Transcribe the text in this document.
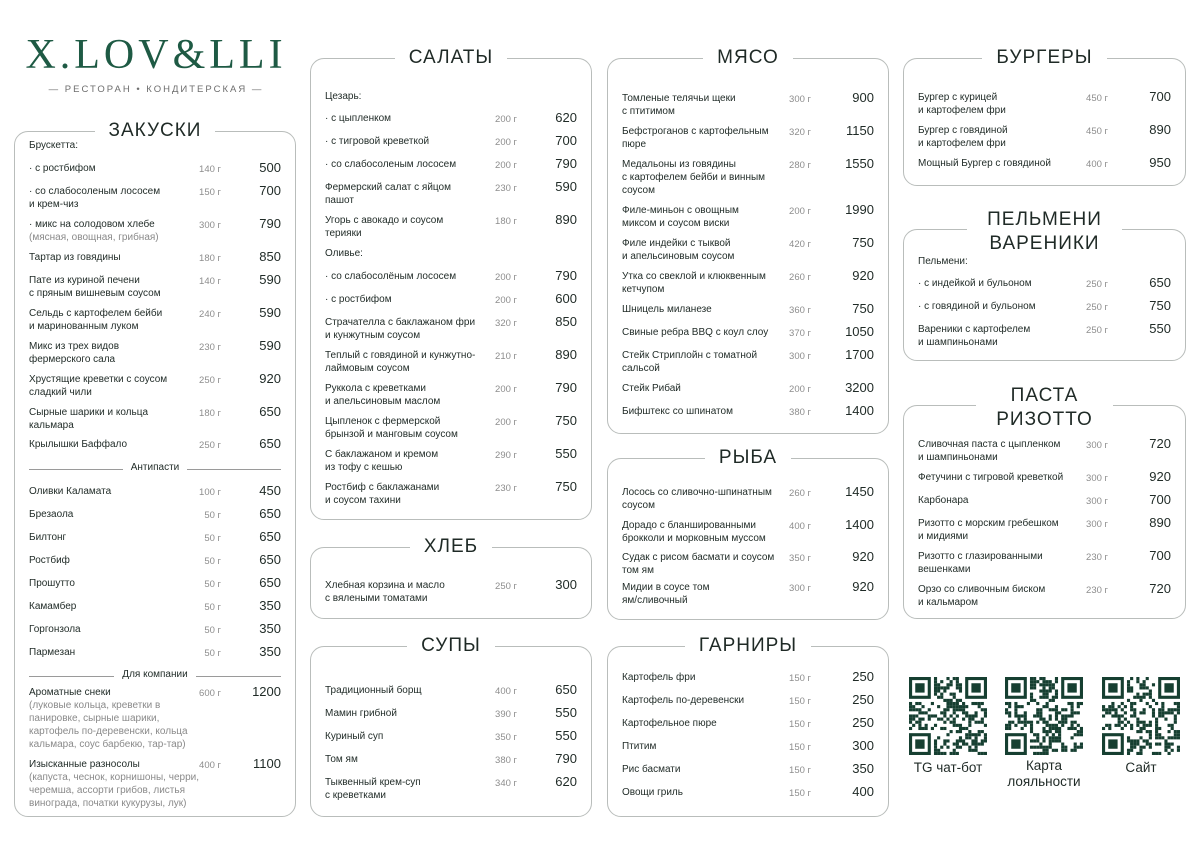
X.LOV&LLI
— РЕСТОРАН • КОНДИТЕРСКАЯ —
ЗАКУСКИ
Брускетта:
· с ростбифом	140 г	500
· со слабосоленым лососем
и крем-чиз
150 г	700
· микс на солодовом хлебе
(мясная, овощная, грибная)
300 г	790
Тартар из говядины	180 г	850
Пате из куриной печени
с пряным вишневым соусом
140 г	590
Сельдь с картофелем бейби
и маринованным луком
240 г	590
Микс из трех видов
фермерского сала
230 г	590
Хрустящие креветки с соусом
сладкий чили
250 г	920
Сырные шарики и кольца
кальмара
180 г	650
Крылышки Баффало	250 г	650
Антипасти
Оливки Каламата	100 г	450
Брезаола	50 г	650
Билтонг	50 г	650
Ростбиф	50 г	650
Прошутто	50 г	650
Камамбер	50 г	350
Горгонзола	50 г	350
Пармезан	50 г	350
Для компании
Ароматные снеки
(луковые кольца, креветки в панировке, сырные шарики, картофель по-деревенски, кольца кальмара, соус барбекю, тар-тар)
600 г	1200
Изысканные разносолы
(капуста, чеснок, корнишоны, черри, черемша, ассорти грибов, листья винограда, початки кукурузы, лук)
400 г	1100
САЛАТЫ
Цезарь:
· с цыпленком	200 г	620
· с тигровой креветкой	200 г	700
· со слабосоленым лососем	200 г	790
Фермерский салат с яйцом
пашот
230 г	590
Угорь с авокадо и соусом
терияки
180 г	890
Оливье:
· со слабосолёным лососем	200 г	790
· с ростбифом	200 г	600
Страчателла с баклажаном фри
и кунжутным соусом
320 г	850
Теплый с говядиной и кунжутно-
лаймовым соусом
210 г	890
Руккола с креветками
и апельсиновым маслом
200 г	790
Цыпленок с фермерской
брынзой и манговым соусом
200 г	750
С баклажаном и кремом
из тофу с кешью
290 г	550
Ростбиф с баклажанами
и соусом тахини
230 г	750
ХЛЕБ
Хлебная корзина и масло
с вялеными томатами
250 г	300
СУПЫ
Традиционный борщ	400 г	650
Мамин грибной	390 г	550
Куриный суп	350 г	550
Том ям	380 г	790
Тыквенный крем-суп
с креветками
340 г	620
МЯСО
Томленые телячьи щеки
с птитимом
300 г	900
Бефстроганов с картофельным
пюре
320 г	1150
Медальоны из говядины
с картофелем бейби и винным
соусом
280 г	1550
Филе-миньон с овощным
миксом и соусом виски
200 г	1990
Филе индейки с тыквой
и апельсиновым соусом
420 г	750
Утка со свеклой и клюквенным
кетчупом
260 г	920
Шницель миланезе	360 г	750
Свиные ребра BBQ с коул слоу	370 г	1050
Стейк Стриплойн с томатной
сальсой
300 г	1700
Стейк Рибай	200 г	3200
Бифштекс со шпинатом	380 г	1400
РЫБА
Лосось со сливочно-шпинатным
соусом
260 г	1450
Дорадо с бланшированными
брокколи и морковным муссом
400 г	1400
Судак с рисом басмати и соусом
том ям
350 г	920
Мидии в соусе том
ям/сливочный
300 г	920
ГАРНИРЫ
Картофель фри	150 г	250
Картофель по-деревенски	150 г	250
Картофельное пюре	150 г	250
Птитим	150 г	300
Рис басмати	150 г	350
Овощи гриль	150 г	400
БУРГЕРЫ
Бургер с курицей
и картофелем фри
450 г	700
Бургер с говядиной
и картофелем фри
450 г	890
Мощный Бургер с говядиной	400 г	950
ПЕЛЬМЕНИ
ВАРЕНИКИ
Пельмени:
· с индейкой и бульоном	250 г	650
· с говядиной и бульоном	250 г	750
Вареники с картофелем
и шампиньонами
250 г	550
ПАСТА
РИЗОТТО
Сливочная паста с цыпленком
и шампиньонами
300 г	720
Фетучини с тигровой креветкой	300 г	920
Карбонара	300 г	700
Ризотто с морским гребешком
и мидиями
300 г	890
Ризотто с глазированными
вешенками
230 г	700
Орзо со сливочным биском
и кальмаром
230 г	720
TG чат-бот	Карта
лояльности
Сайт
